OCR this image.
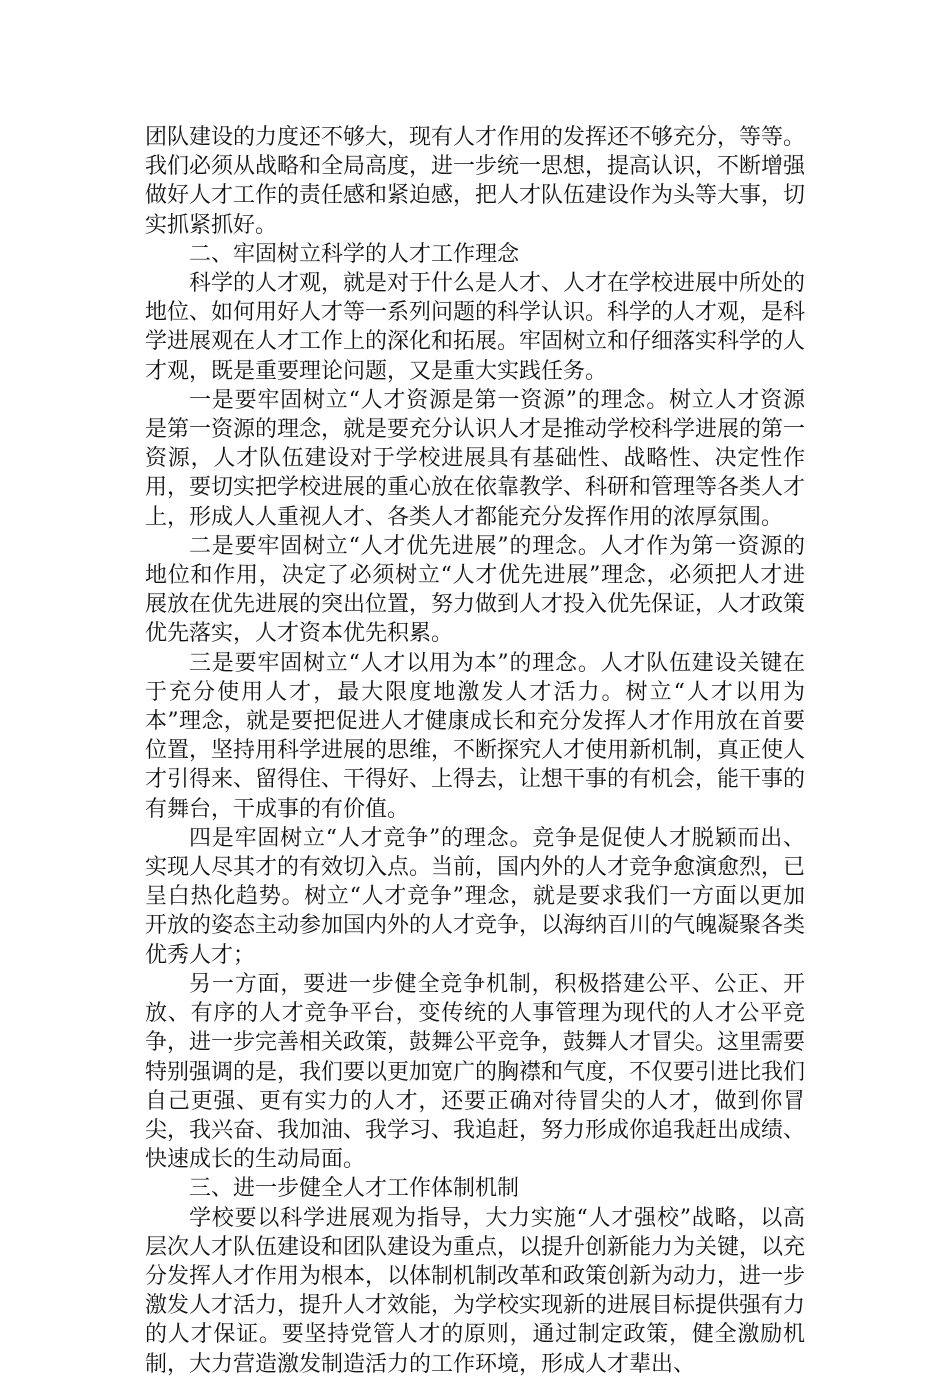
团队建设的力度还不够大，现有人才作用的发挥还不够充分，等等。我们必须从战略和全局高度，进一步统一思想，提高认识，不断增强做好人才工作的责任感和紧迫感，把人才队伍建设作为头等大事，切实抓紧抓好。

二、牢固树立科学的人才工作理念

科学的人才观，就是对于什么是人才、人才在学校进展中所处的地位、如何用好人才等一系列问题的科学认识。科学的人才观，是科学进展观在人才工作上的深化和拓展。牢固树立和仔细落实科学的人才观，既是重要理论问题，又是重大实践任务。

一是要牢固树立“人才资源是第一资源”的理念。树立人才资源是第一资源的理念，就是要充分认识人才是推动学校科学进展的第一资源，人才队伍建设对于学校进展具有基础性、战略性、决定性作用，要切实把学校进展的重心放在依靠教学、科研和管理等各类人才上，形成人人重视人才、各类人才都能充分发挥作用的浓厚氛围。

二是要牢固树立“人才优先进展”的理念。人才作为第一资源的地位和作用，决定了必须树立“人才优先进展”理念，必须把人才进展放在优先进展的突出位置，努力做到人才投入优先保证，人才政策优先落实，人才资本优先积累。

三是要牢固树立“人才以用为本”的理念。人才队伍建设关键在于充分使用人才，最大限度地激发人才活力。树立“人才以用为本”理念，就是要把促进人才健康成长和充分发挥人才作用放在首要位置，坚持用科学进展的思维，不断探究人才使用新机制，真正使人才引得来、留得住、干得好、上得去，让想干事的有机会，能干事的有舞台，干成事的有价值。

四是牢固树立“人才竞争”的理念。竞争是促使人才脱颖而出、实现人尽其才的有效切入点。当前，国内外的人才竞争愈演愈烈，已呈白热化趋势。树立“人才竞争”理念，就是要求我们一方面以更加开放的姿态主动参加国内外的人才竞争，以海纳百川的气魄凝聚各类优秀人才；

另一方面，要进一步健全竞争机制，积极搭建公平、公正、开放、有序的人才竞争平台，变传统的人事管理为现代的人才公平竞争，进一步完善相关政策，鼓舞公平竞争，鼓舞人才冒尖。这里需要特别强调的是，我们要以更加宽广的胸襟和气度，不仅要引进比我们自己更强、更有实力的人才，还要正确对待冒尖的人才，做到你冒尖，我兴奋、我加油、我学习、我追赶，努力形成你追我赶出成绩、快速成长的生动局面。

三、进一步健全人才工作体制机制

学校要以科学进展观为指导，大力实施“人才强校”战略，以高层次人才队伍建设和团队建设为重点，以提升创新能力为关键，以充分发挥人才作用为根本，以体制机制改革和政策创新为动力，进一步激发人才活力，提升人才效能，为学校实现新的进展目标提供强有力的人才保证。要坚持党管人才的原则，通过制定政策，健全激励机制，大力营造激发制造活力的工作环境，形成人才辈出、
